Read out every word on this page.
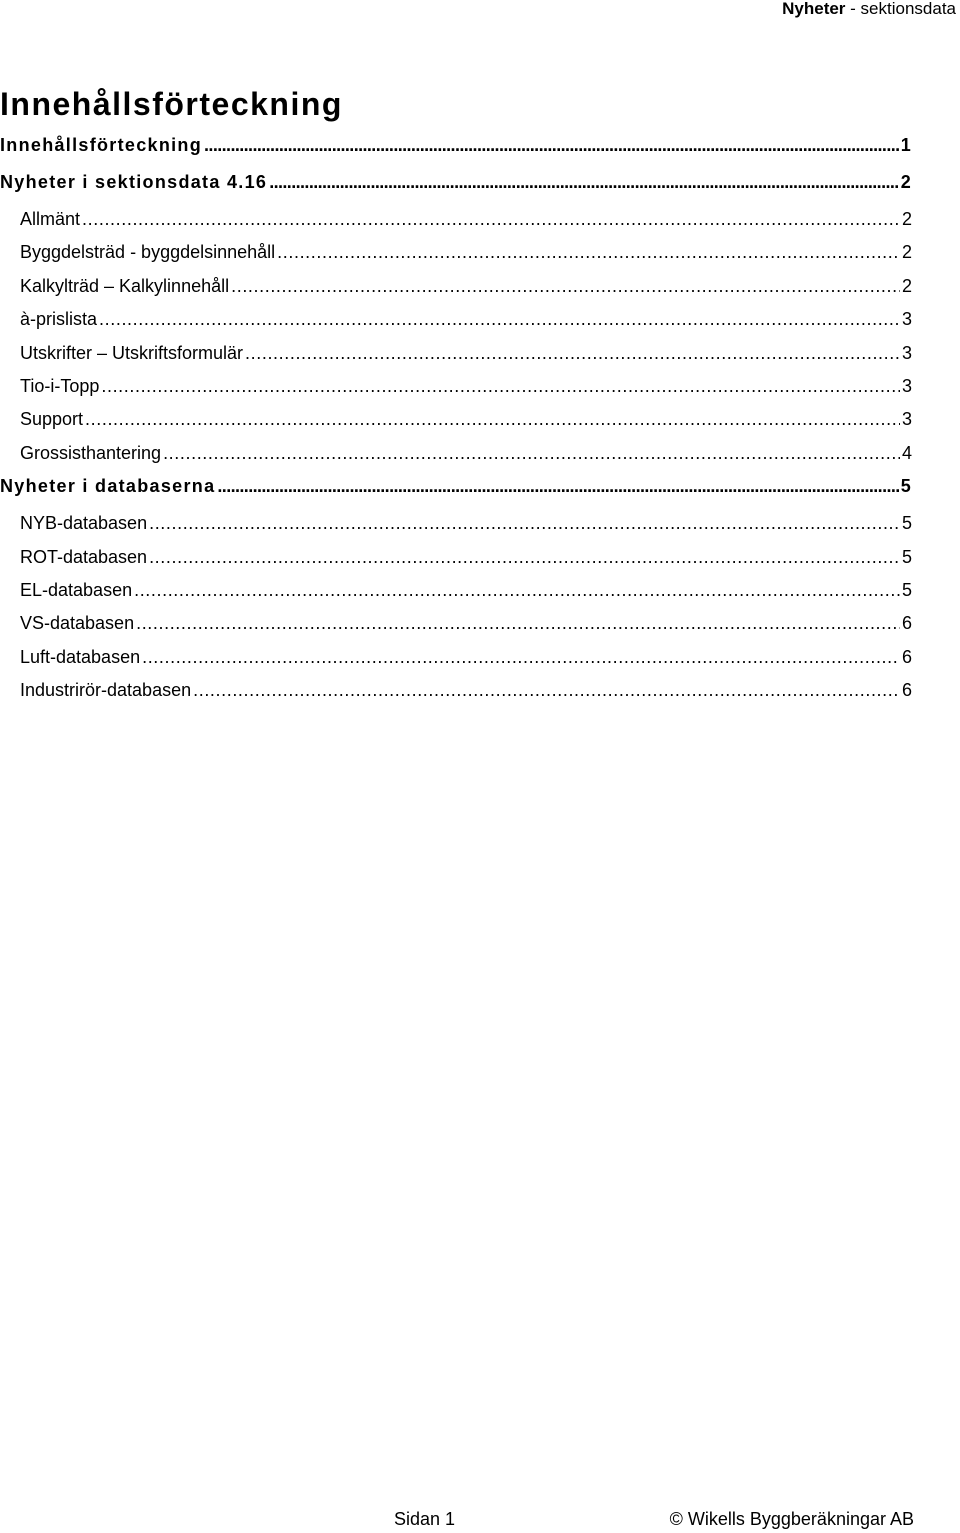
Nyheter - sektionsdata
Innehållsförteckning
Innehållsförteckning . . .	1
Nyheter i sektionsdata 4.16 . . .	2
Allmänt . . .	2
Byggdelsträd - byggdelsinnehåll . . .	2
Kalkylträd – Kalkylinnehåll . . .	2
à-prislista . . .	3
Utskrifter – Utskriftsformulär . . .	3
Tio-i-Topp . . .	3
Support . . .	3
Grossisthantering . . .	4
Nyheter i databaserna . . .	5
NYB-databasen . . .	5
ROT-databasen . . .	5
EL-databasen . . .	5
VS-databasen . . .	6
Luft-databasen . . .	6
Industrirör-databasen . . .	6
Sidan 1	© Wikells Byggberäkningar AB
